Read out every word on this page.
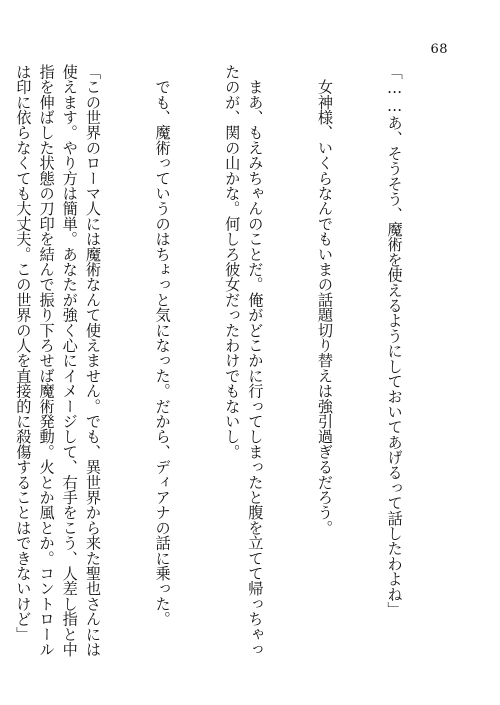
68

「……あ、そうそう、魔術を使えるようにしておいてあげるって話したわよね」

　女神様、いくらなんでもいまの話題切り替えは強引過ぎるだろう。

　まあ、もえみちゃんのことだ。俺がどこかに行ってしまったと腹を立てて帰っちゃったのが、関の山かな。何しろ彼女だったわけでもないし。

　でも、魔術っていうのはちょっと気になった。だから、ディアナの話に乗った。

「この世界のローマ人には魔術なんて使えません。でも、異世界から来た聖也さんには使えます。やり方は簡単。あなたが強く心にイメージして、右手をこう、人差し指と中指を伸ばした状態の刀印を結んで振り下ろせば魔術発動。火とか風とか。コントロールは印に依らなくても大丈夫。この世界の人を直接的に殺傷することはできないけど」
